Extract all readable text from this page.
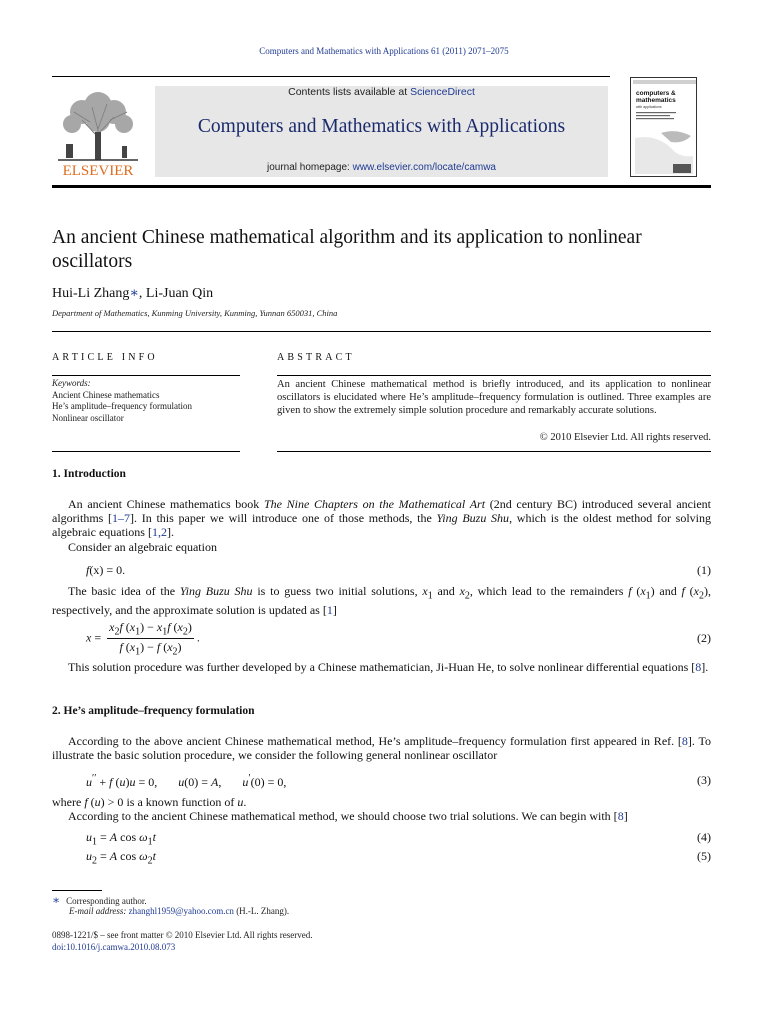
Computers and Mathematics with Applications 61 (2011) 2071–2075
ELSEVIER
Contents lists available at ScienceDirect
Computers and Mathematics with Applications
journal homepage: www.elsevier.com/locate/camwa
computers &
mathematics
with applications
An ancient Chinese mathematical algorithm and its application to nonlinear oscillators
Hui-Li Zhang∗, Li-Juan Qin
Department of Mathematics, Kunming University, Kunming, Yunnan 650031, China
ARTICLE INFO	ABSTRACT
Keywords:
Ancient Chinese mathematics
He’s amplitude–frequency formulation
Nonlinear oscillator
An ancient Chinese mathematical method is briefly introduced, and its application to nonlinear oscillators is elucidated where He’s amplitude–frequency formulation is outlined. Three examples are given to show the extremely simple solution procedure and remarkably accurate solutions.
© 2010 Elsevier Ltd. All rights reserved.
1. Introduction
An ancient Chinese mathematics book The Nine Chapters on the Mathematical Art (2nd century BC) introduced several ancient algorithms [1–7]. In this paper we will introduce one of those methods, the Ying Buzu Shu, which is the oldest method for solving algebraic equations [1,2].
Consider an algebraic equation
f(x) = 0.	(1)
The basic idea of the Ying Buzu Shu is to guess two initial solutions, $x_1$ and $x_2$, which lead to the remainders f $(x_1)$ and f $(x_2)$, respectively, and the approximate solution is updated as [1]
$x = \frac{x_2f (x_1) - x_1f (x_2)}{f (x_1) - f (x_2)}$ .	(2)
This solution procedure was further developed by a Chinese mathematician, Ji-Huan He, to solve nonlinear differential equations [8].
2. He’s amplitude–frequency formulation
According to the above ancient Chinese mathematical method, He’s amplitude–frequency formulation first appeared in Ref. [8]. To illustrate the basic solution procedure, we consider the following general nonlinear oscillator
u′′ + f (u)u = 0,       u(0) = A,       u′(0) = 0,	(3)
where f (u) > 0 is a known function of u.
According to the ancient Chinese mathematical method, we should choose two trial solutions. We can begin with [8]
$u_1 = A$ $\cos \omega_1t$	(4)
$u_2 = A$ $\cos \omega_2t$	(5)
∗ Corresponding author.
E-mail address: zhanghl1959@yahoo.com.cn (H.-L. Zhang).
0898-1221/$ – see front matter © 2010 Elsevier Ltd. All rights reserved.
doi:10.1016/j.camwa.2010.08.073
